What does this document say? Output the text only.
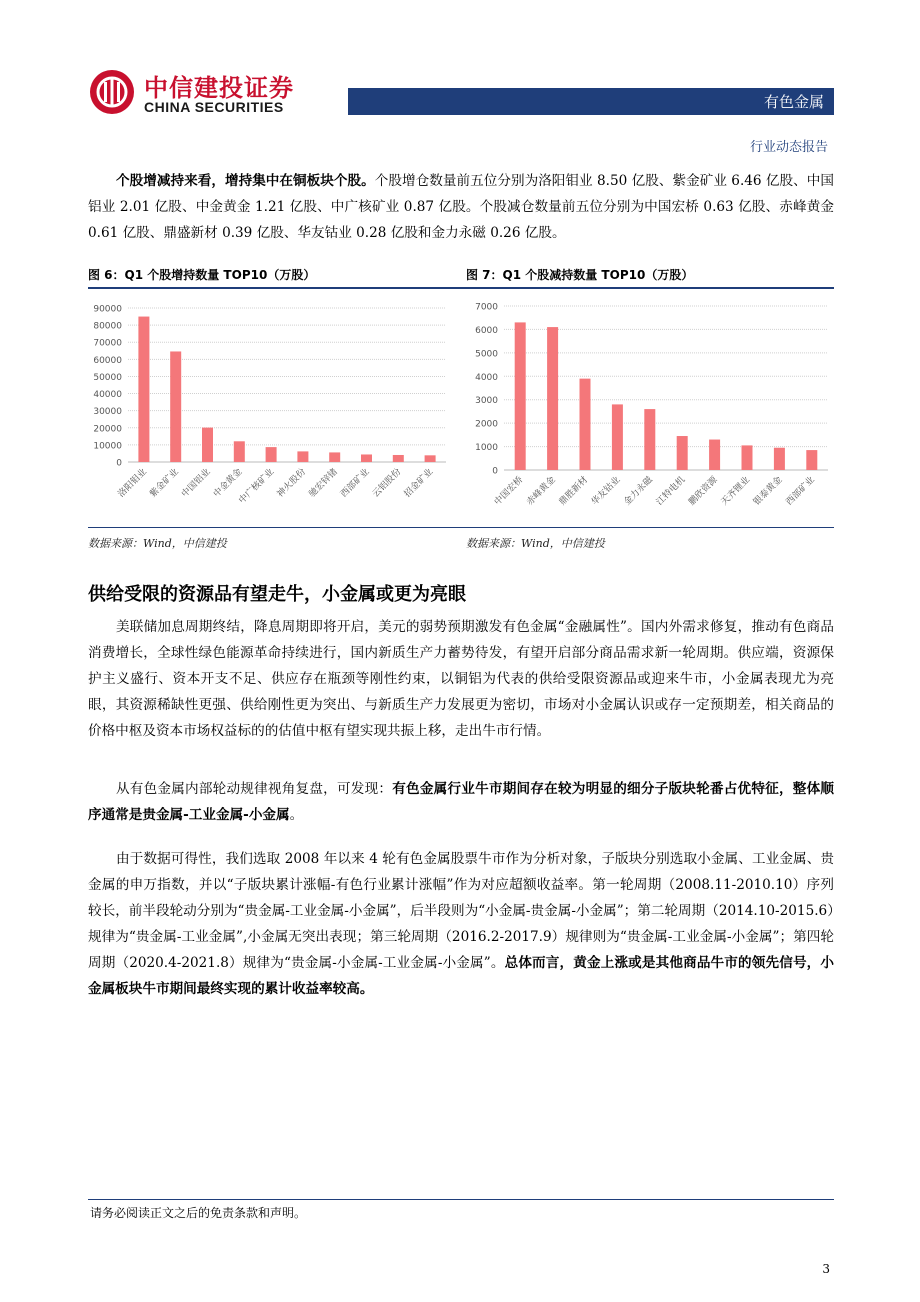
中信建投证券
CHINA SECURITIES	有色金属
行业动态报告
个股增减持来看，增持集中在铜板块个股。个股增仓数量前五位分别为洛阳钼业 8.50 亿股、紫金矿业 6.46 亿股、中国铝业 2.01 亿股、中金黄金 1.21 亿股、中广核矿业 0.87 亿股。个股减仓数量前五位分别为中国宏桥 0.63 亿股、赤峰黄金 0.61 亿股、鼎盛新材 0.39 亿股、华友钴业 0.28 亿股和金力永磁 0.26 亿股。
图 6：Q1 个股增持数量 TOP10（万股）	图 7：Q1 个股减持数量 TOP10（万股）
0
10000
20000
30000
40000
50000
60000
70000
80000
90000
洛阳钼业 紫金矿业 中国铝业 中金黄金
中广核矿业 神火股份 驰宏锌锗 西部矿业 云铝股份 招金矿业	0
1000
2000
3000
4000
5000
6000
7000
中国宏桥 赤峰黄金 鼎胜新材 华友钴业 金力永磁 江特电机 鹏欣资源 天齐锂业 银泰黄金 西部矿业
数据来源：Wind，中信建投	数据来源：Wind，中信建投
供给受限的资源品有望走牛，小金属或更为亮眼
美联储加息周期终结，降息周期即将开启，美元的弱势预期激发有色金属“金融属性”。国内外需求修复，推动有色商品消费增长，全球性绿色能源革命持续进行，国内新质生产力蓄势待发，有望开启部分商品需求新一轮周期。供应端，资源保护主义盛行、资本开支不足、供应存在瓶颈等刚性约束，以铜铝为代表的供给受限资源品或迎来牛市，小金属表现尤为亮眼，其资源稀缺性更强、供给刚性更为突出、与新质生产力发展更为密切，市场对小金属认识或存一定预期差，相关商品的价格中枢及资本市场权益标的的估值中枢有望实现共振上移，走出牛市行情。
从有色金属内部轮动规律视角复盘，可发现：有色金属行业牛市期间存在较为明显的细分子版块轮番占优特征，整体顺序通常是贵金属-工业金属-小金属。
由于数据可得性，我们选取 2008 年以来 4 轮有色金属股票牛市作为分析对象，子版块分别选取小金属、工业金属、贵金属的申万指数，并以“子版块累计涨幅-有色行业累计涨幅”作为对应超额收益率。第一轮周期（2008.11-2010.10）序列较长，前半段轮动分别为“贵金属-工业金属-小金属”，后半段则为“小金属-贵金属-小金属”；第二轮周期（2014.10-2015.6）规律为“贵金属-工业金属”,小金属无突出表现；第三轮周期（2016.2-2017.9）规律则为“贵金属-工业金属-小金属”；第四轮周期（2020.4-2021.8）规律为“贵金属-小金属-工业金属-小金属”。总体而言，黄金上涨或是其他商品牛市的领先信号，小金属板块牛市期间最终实现的累计收益率较高。
请务必阅读正文之后的免责条款和声明。
3
